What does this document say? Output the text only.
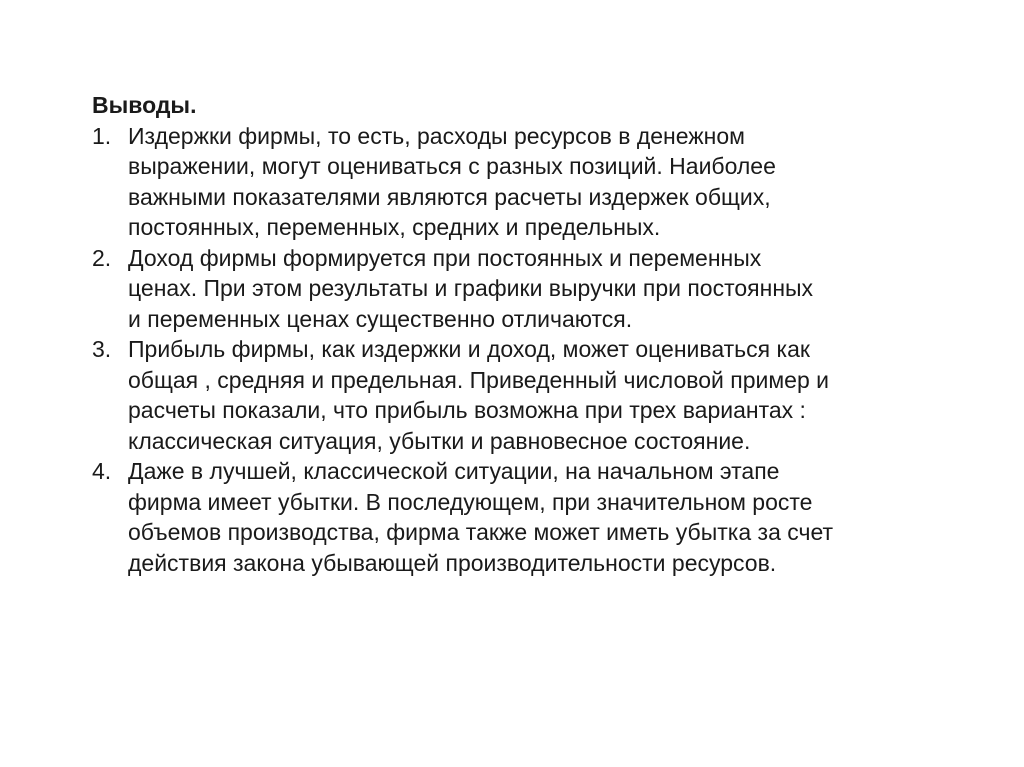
Выводы.
1. Издержки фирмы, то есть, расходы ресурсов в денежном
выражении, могут оцениваться с разных позиций. Наиболее
важными показателями являются расчеты издержек общих,
постоянных, переменных, средних и предельных.
2. Доход фирмы формируется при постоянных и переменных
ценах. При этом результаты и графики выручки при постоянных
и переменных ценах существенно отличаются.
3. Прибыль фирмы, как издержки и доход, может оцениваться как
общая , средняя и предельная. Приведенный числовой пример и
расчеты показали, что прибыль возможна при трех вариантах :
классическая ситуация, убытки и равновесное состояние.
4. Даже в лучшей, классической ситуации, на начальном этапе
фирма имеет убытки. В последующем, при значительном росте
объемов производства, фирма также может иметь убытка за счет
действия закона убывающей производительности ресурсов.
